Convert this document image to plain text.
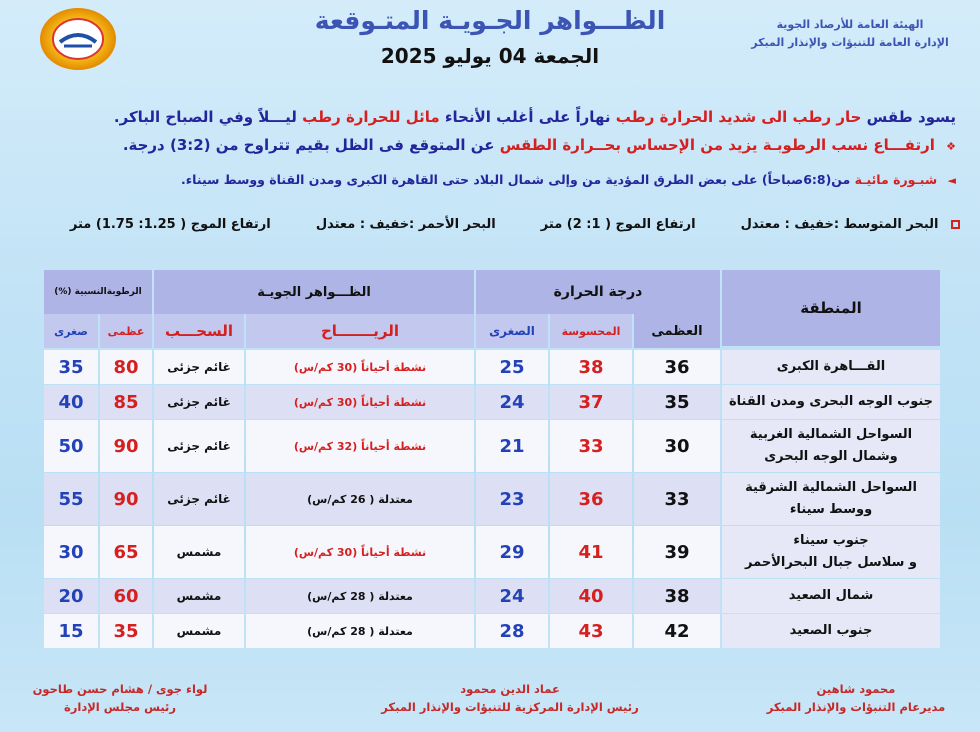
الظـــواهر الجـويـة المتـوقعة
الجمعة 04 يوليو 2025
الهيئة العامة للأرصاد الجوية
الإدارة العامة للتنبؤات والإنذار المبكر
يسود طقس حار رطب الى شديد الحرارة رطب نهاراً على أغلب الأنحاء مائل للحرارة رطب ليـــلاً وفي الصباح الباكر.
❖ ارتفـــاع نسب الرطوبـة يزيد من الإحساس بحــرارة الطقس عن المتوقع فى الظل بقيم تتراوح من (3:2) درجة.
◄ شبـورة مائيـة من(6:8صباحاً) على بعض الطرق المؤدية من وإلى شمال البلاد حتى القاهرة الكبرى ومدن القناة ووسط سيناء.
البحر المتوسط :خفيف : معتدل  ارتفاع الموج ( 1: 2) متر  البحر الأحمر :خفيف : معتدل  ارتفاع الموج ( 1.25: 1.75) متر
المنطقة
درجة الحرارة
العظمى
المحسوسة
الصغرى
الظـــواهر الجويـة
الريـــــــاح
السحـــب
الرطوبةالنسبية (%)
عظمى
صغرى
القـــاهرة الكبرى
36
38
25
نشطة أحياناً (30 كم/س)
غائم جزئى
80
35
جنوب الوجه البحرى ومدن القناة
35
37
24
نشطة أحياناً (30 كم/س)
غائم جزئى
85
40
السواحل الشمالية الغربية
وشمال الوجه البحرى
30
33
21
نشطة أحياناً (32 كم/س)
غائم جزئى
90
50
السواحل الشمالية الشرقية
ووسط سيناء
33
36
23
معتدلة ( 26 كم/س)
غائم جزئى
90
55
جنوب سيناء
و سلاسل جبال البحرالأحمر
39
41
29
نشطة أحياناً (30 كم/س)
مشمس
65
30
شمال الصعيد
38
40
24
معتدلة ( 28 كم/س)
مشمس
60
20
جنوب الصعيد
42
43
28
معتدلة ( 28 كم/س)
مشمس
35
15
محمود شاهين
مديرعام التنبؤات والإنذار المبكر
عماد الدين محمود
رئيس الإدارة المركزية للتنبؤات والإنذار المبكر
لواء جوى / هشام حسن طاحون
رئيس مجلس الإدارة
